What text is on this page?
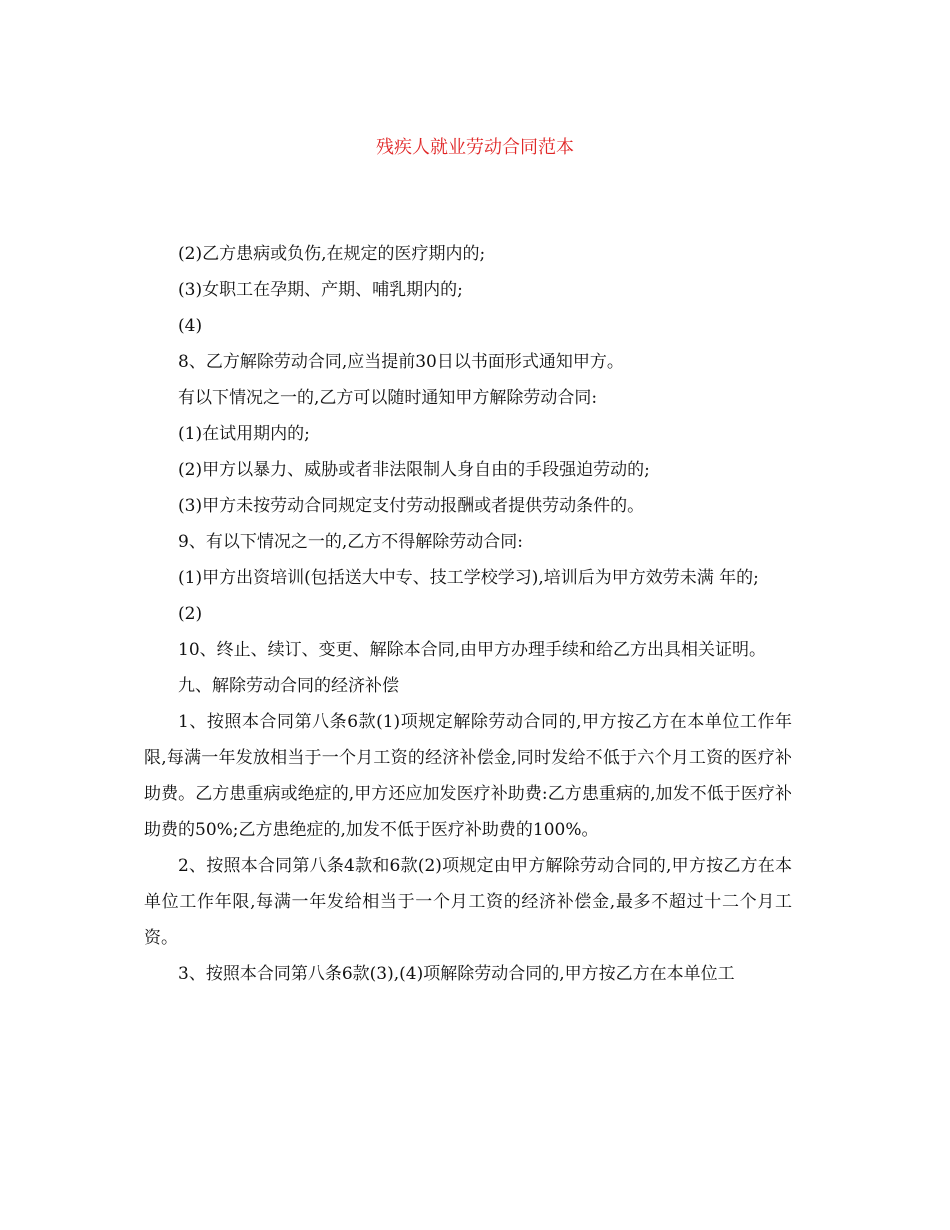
残疾人就业劳动合同范本

(2)乙方患病或负伤,在规定的医疗期内的;

(3)女职工在孕期、产期、哺乳期内的;

(4)

8、乙方解除劳动合同,应当提前30日以书面形式通知甲方。

有以下情况之一的,乙方可以随时通知甲方解除劳动合同:

(1)在试用期内的;

(2)甲方以暴力、威胁或者非法限制人身自由的手段强迫劳动的;

(3)甲方未按劳动合同规定支付劳动报酬或者提供劳动条件的。

9、有以下情况之一的,乙方不得解除劳动合同:

(1)甲方出资培训(包括送大中专、技工学校学习),培训后为甲方效劳未满 年的;

(2)

10、终止、续订、变更、解除本合同,由甲方办理手续和给乙方出具相关证明。

九、解除劳动合同的经济补偿

1、按照本合同第八条6款(1)项规定解除劳动合同的,甲方按乙方在本单位工作年限,每满一年发放相当于一个月工资的经济补偿金,同时发给不低于六个月工资的医疗补助费。乙方患重病或绝症的,甲方还应加发医疗补助费:乙方患重病的,加发不低于医疗补助费的50%;乙方患绝症的,加发不低于医疗补助费的100%。

2、按照本合同第八条4款和6款(2)项规定由甲方解除劳动合同的,甲方按乙方在本单位工作年限,每满一年发给相当于一个月工资的经济补偿金,最多不超过十二个月工资。

3、按照本合同第八条6款(3),(4)项解除劳动合同的,甲方按乙方在本单位工
